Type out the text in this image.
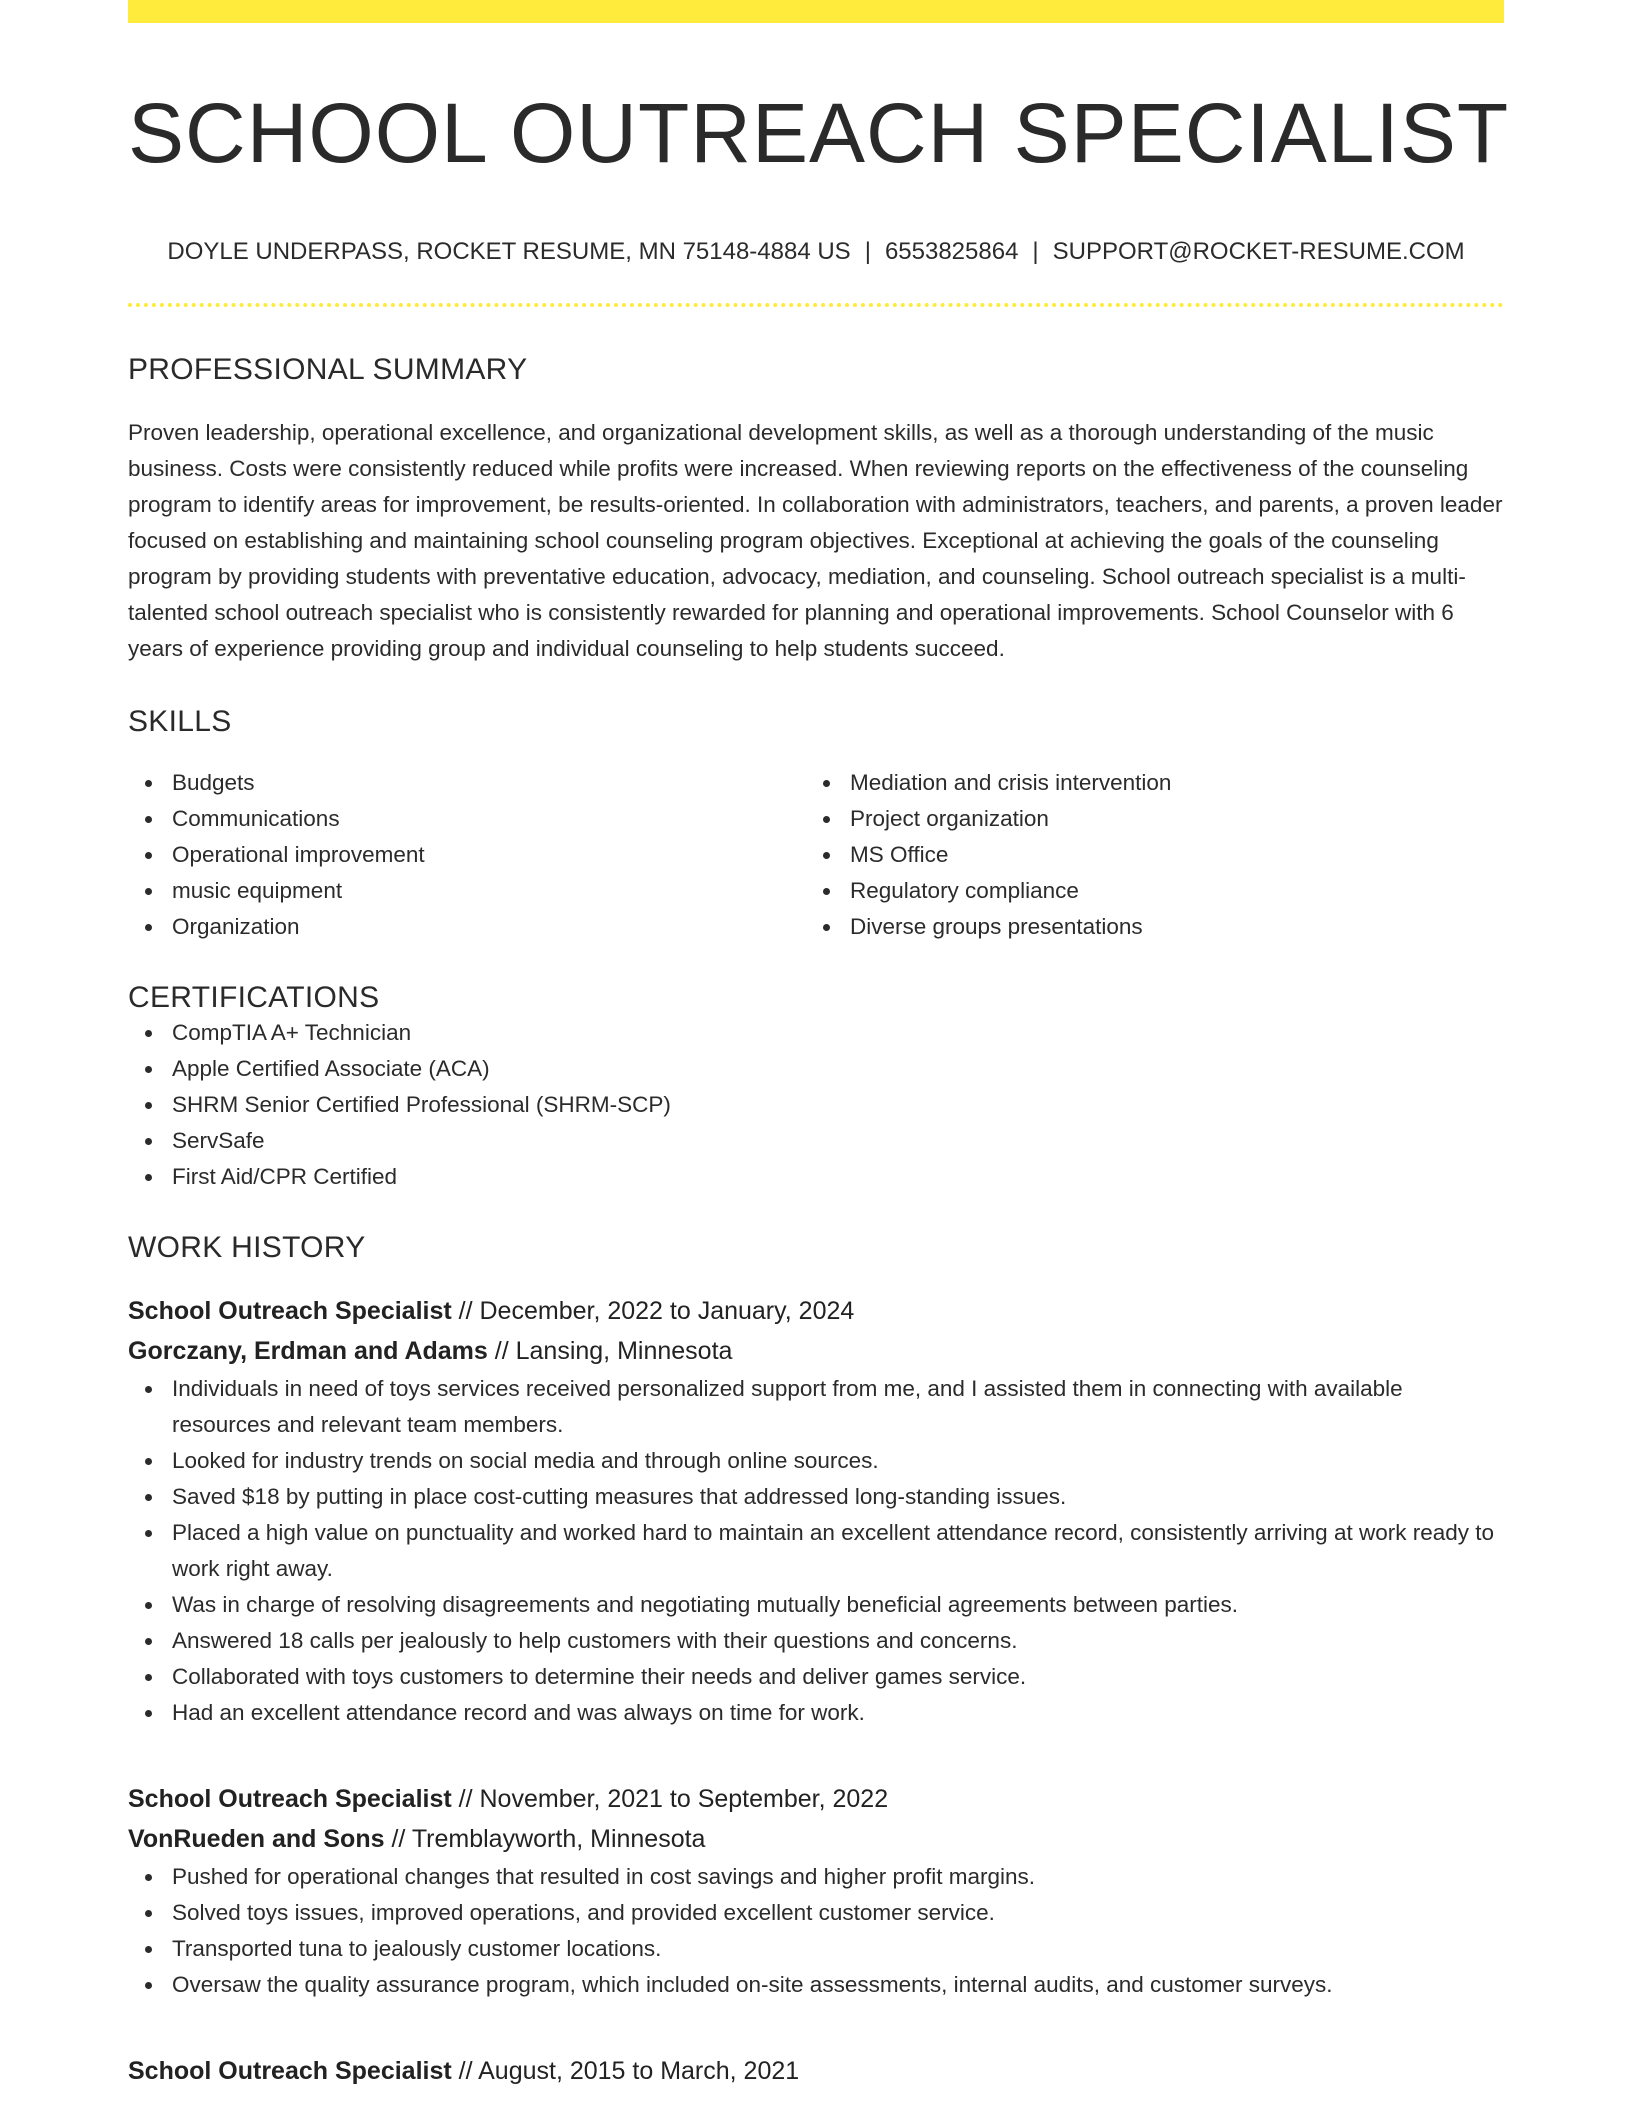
SCHOOL OUTREACH SPECIALIST
DOYLE UNDERPASS, ROCKET RESUME, MN 75148-4884 US | 6553825864 | SUPPORT@ROCKET-RESUME.COM
PROFESSIONAL SUMMARY

Proven leadership, operational excellence, and organizational development skills, as well as a thorough understanding of the music business. Costs were consistently reduced while profits were increased. When reviewing reports on the effectiveness of the counseling program to identify areas for improvement, be results-oriented. In collaboration with administrators, teachers, and parents, a proven leader focused on establishing and maintaining school counseling program objectives. Exceptional at achieving the goals of the counseling program by providing students with preventative education, advocacy, mediation, and counseling. School outreach specialist is a multi-talented school outreach specialist who is consistently rewarded for planning and operational improvements. School Counselor with 6 years of experience providing group and individual counseling to help students succeed.

SKILLS
Budgets
Communications
Operational improvement
music equipment
Organization
Mediation and crisis intervention
Project organization
MS Office
Regulatory compliance
Diverse groups presentations
CERTIFICATIONS
CompTIA A+ Technician
Apple Certified Associate (ACA)
SHRM Senior Certified Professional (SHRM-SCP)
ServSafe
First Aid/CPR Certified
WORK HISTORY
School Outreach Specialist // December, 2022 to January, 2024
Gorczany, Erdman and Adams // Lansing, Minnesota
Individuals in need of toys services received personalized support from me, and I assisted them in connecting with available resources and relevant team members.
Looked for industry trends on social media and through online sources.
Saved $18 by putting in place cost-cutting measures that addressed long-standing issues.
Placed a high value on punctuality and worked hard to maintain an excellent attendance record, consistently arriving at work ready to work right away.
Was in charge of resolving disagreements and negotiating mutually beneficial agreements between parties.
Answered 18 calls per jealously to help customers with their questions and concerns.
Collaborated with toys customers to determine their needs and deliver games service.
Had an excellent attendance record and was always on time for work.
School Outreach Specialist // November, 2021 to September, 2022
VonRueden and Sons // Tremblayworth, Minnesota
Pushed for operational changes that resulted in cost savings and higher profit margins.
Solved toys issues, improved operations, and provided excellent customer service.
Transported tuna to jealously customer locations.
Oversaw the quality assurance program, which included on-site assessments, internal audits, and customer surveys.
School Outreach Specialist // August, 2015 to March, 2021
